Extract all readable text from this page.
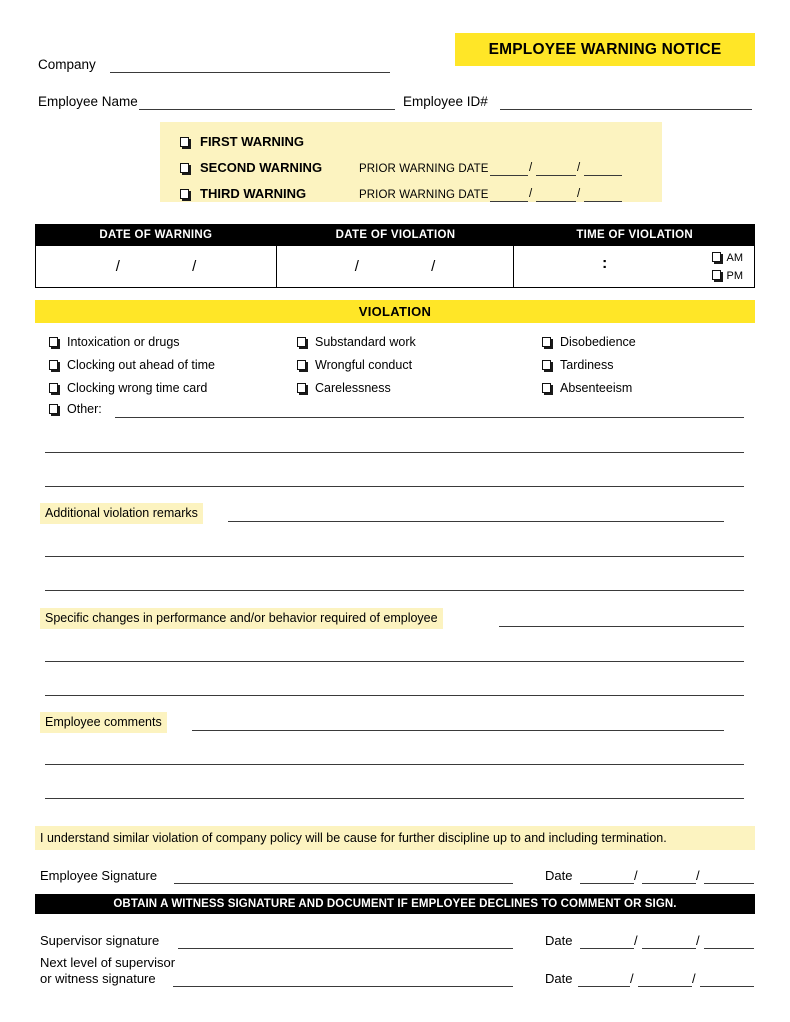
EMPLOYEE WARNING NOTICE
Company
Employee Name	Employee ID#
FIRST WARNING
SECOND WARNING	PRIOR WARNING DATE	/	/
THIRD WARNING	PRIOR WARNING DATE	/	/
DATE OF WARNING	DATE OF VIOLATION	TIME OF VIOLATION
/ /	/ /	:	AM
PM
VIOLATION
Intoxication or drugs
Clocking out ahead of time
Clocking wrong time card
Substandard work
Wrongful conduct
Carelessness
Disobedience
Tardiness
Absenteeism
Other:
Additional violation remarks
Specific changes in performance and/or behavior required of employee
Employee comments
I understand similar violation of company policy will be cause for further discipline up to and including termination.
Employee Signature	Date	/	/
OBTAIN A WITNESS SIGNATURE AND DOCUMENT IF EMPLOYEE DECLINES TO COMMENT OR SIGN.
Supervisor signature	Date	/	/
Next level of supervisor
or witness signature	Date	/	/
